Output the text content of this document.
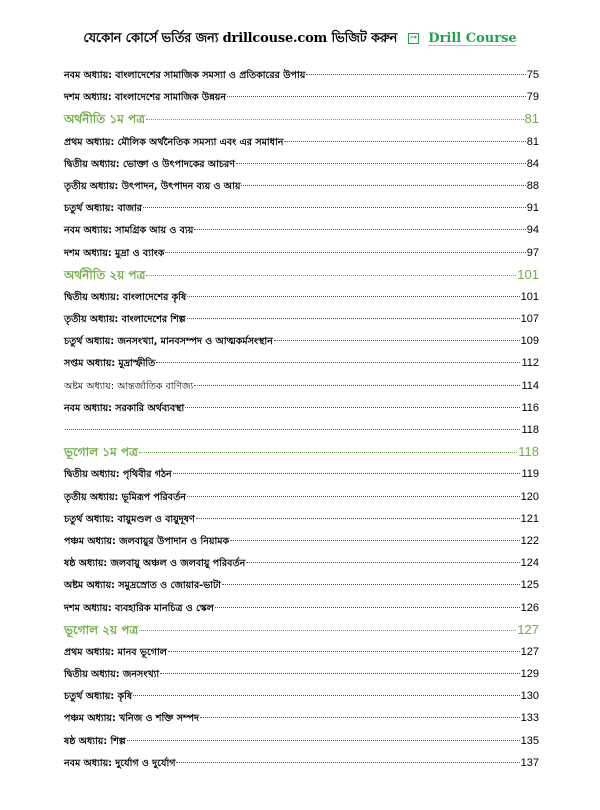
যেকোন কোর্সে ভর্তির জন্য drillcouse.com ভিজিট করুন → Drill Course
নবম অধ্যায়: বাংলাদেশের সামাজিক সমস্যা ও প্রতিকারের উপায়	75
দশম অধ্যায়: বাংলাদেশের সামাজিক উন্নয়ন	79
অর্থনীতি ১ম পত্র	81
প্রথম অধ্যায়: মৌলিক অর্থনৈতিক সমস্যা এবং এর সমাধান	81
দ্বিতীয় অধ্যায়: ভোক্তা ও উৎপাদকের আচরণ	84
তৃতীয় অধ্যায়: উৎপাদন, উৎপাদন ব্যয় ও আয়	88
চতুর্থ অধ্যায়: বাজার	91
নবম অধ্যায়: সামগ্রিক আয় ও ব্যয়	94
দশম অধ্যায়: মুদ্রা ও ব্যাংক	97
অর্থনীতি ২য় পত্র	101
দ্বিতীয় অধ্যায়: বাংলাদেশের কৃষি	101
তৃতীয় অধ্যায়: বাংলাদেশের শিল্প	107
চতুর্থ অধ্যায়: জনসংখ্যা, মানবসম্পদ ও আত্মকর্মসংস্থান	109
সপ্তম অধ্যায়: মুদ্রাস্ফীতি	112
অষ্টম অধ্যায়: আন্তর্জাতিক বাণিজ্য	114
নবম অধ্যায়: সরকারি অর্থব্যবস্থা	116
118
ভূগোল ১ম পত্র	118
দ্বিতীয় অধ্যায়: পৃথিবীর গঠন	119
তৃতীয় অধ্যায়: ভূমিরূপ পরিবর্তন	120
চতুর্থ অধ্যায়: বায়ুমণ্ডল ও বায়ুদূষণ	121
পঞ্চম অধ্যায়: জলবায়ুর উপাদান ও নিয়ামক	122
ষষ্ঠ অধ্যায়: জলবায়ু অঞ্চল ও জলবায়ু পরিবর্তন	124
অষ্টম অধ্যায়: সমুদ্রস্রোত ও জোয়ার-ভাটা	125
দশম অধ্যায়: ব্যবহারিক মানচিত্র ও স্কেল	126
ভূগোল ২য় পত্র	127
প্রথম অধ্যায়: মানব ভূগোল	127
দ্বিতীয় অধ্যায়: জনসংখ্যা	129
চতুর্থ অধ্যায়: কৃষি	130
পঞ্চম অধ্যায়: খনিজ ও শক্তি সম্পদ	133
ষষ্ঠ অধ্যায়: শিল্প	135
নবম অধ্যায়: দুর্যোগ ও দুর্যোগ	137
